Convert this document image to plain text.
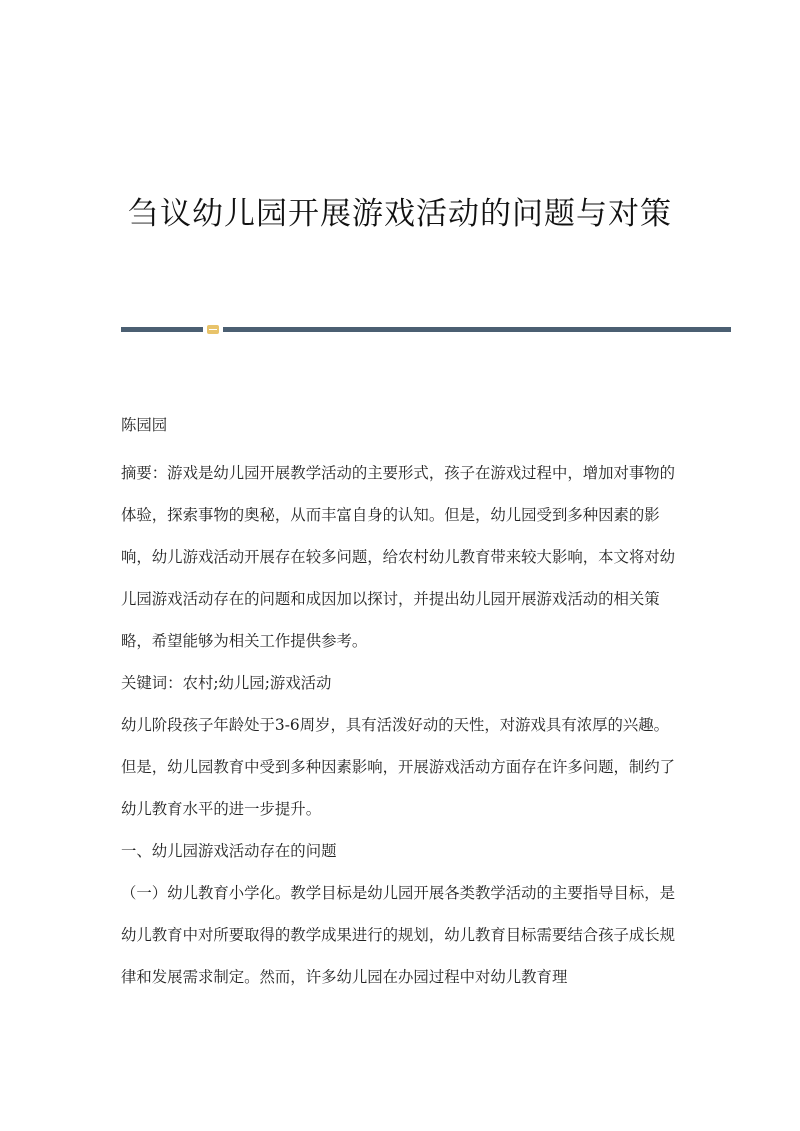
刍议幼儿园开展游戏活动的问题与对策

陈园园

摘要：游戏是幼儿园开展教学活动的主要形式，孩子在游戏过程中，增加对事物的体验，探索事物的奥秘，从而丰富自身的认知。但是，幼儿园受到多种因素的影响，幼儿游戏活动开展存在较多问题，给农村幼儿教育带来较大影响，本文将对幼儿园游戏活动存在的问题和成因加以探讨，并提出幼儿园开展游戏活动的相关策略，希望能够为相关工作提供参考。

关键词：农村;幼儿园;游戏活动

幼儿阶段孩子年龄处于3-6周岁，具有活泼好动的天性，对游戏具有浓厚的兴趣。但是，幼儿园教育中受到多种因素影响，开展游戏活动方面存在许多问题，制约了幼儿教育水平的进一步提升。

一、幼儿园游戏活动存在的问题

（一）幼儿教育小学化。教学目标是幼儿园开展各类教学活动的主要指导目标，是幼儿教育中对所要取得的教学成果进行的规划，幼儿教育目标需要结合孩子成长规律和发展需求制定。然而，许多幼儿园在办园过程中对幼儿教育理
